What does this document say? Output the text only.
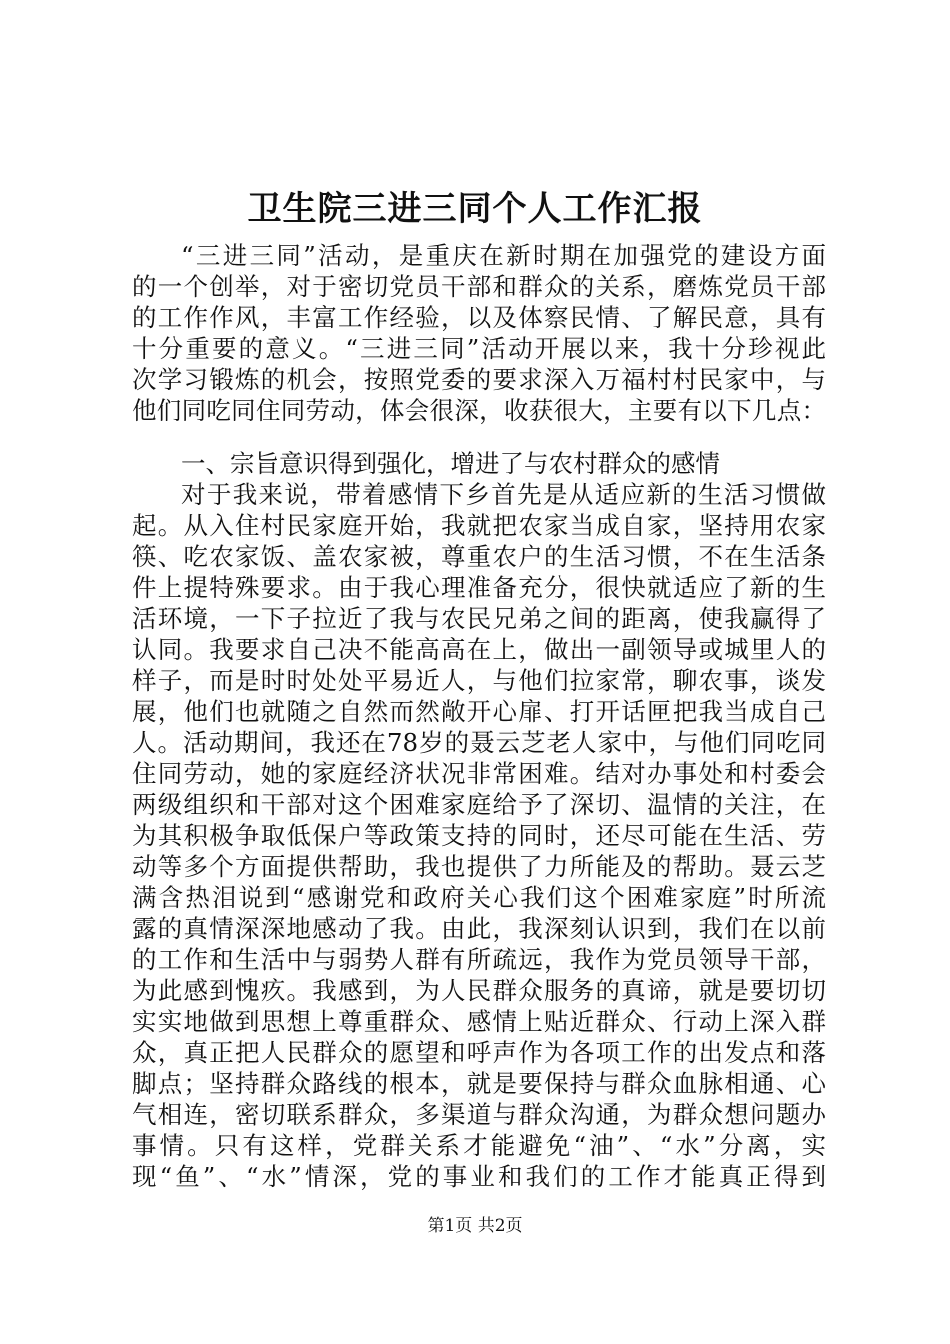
卫生院三进三同个人工作汇报
“三进三同”活动，是重庆在新时期在加强党的建设方面
的一个创举，对于密切党员干部和群众的关系，磨炼党员干部
的工作作风，丰富工作经验，以及体察民情、了解民意，具有
十分重要的意义。“三进三同”活动开展以来，我十分珍视此
次学习锻炼的机会，按照党委的要求深入万福村村民家中，与
他们同吃同住同劳动，体会很深，收获很大，主要有以下几点：
一、宗旨意识得到强化，增进了与农村群众的感情
对于我来说，带着感情下乡首先是从适应新的生活习惯做
起。从入住村民家庭开始，我就把农家当成自家，坚持用农家
筷、吃农家饭、盖农家被，尊重农户的生活习惯，不在生活条
件上提特殊要求。由于我心理准备充分，很快就适应了新的生
活环境，一下子拉近了我与农民兄弟之间的距离，使我赢得了
认同。我要求自己决不能高高在上，做出一副领导或城里人的
样子，而是时时处处平易近人，与他们拉家常，聊农事，谈发
展，他们也就随之自然而然敞开心扉、打开话匣把我当成自己
人。活动期间，我还在78岁的聂云芝老人家中，与他们同吃同
住同劳动，她的家庭经济状况非常困难。结对办事处和村委会
两级组织和干部对这个困难家庭给予了深切、温情的关注，在
为其积极争取低保户等政策支持的同时，还尽可能在生活、劳
动等多个方面提供帮助，我也提供了力所能及的帮助。聂云芝
满含热泪说到“感谢党和政府关心我们这个困难家庭”时所流
露的真情深深地感动了我。由此，我深刻认识到，我们在以前
的工作和生活中与弱势人群有所疏远，我作为党员领导干部，
为此感到愧疚。我感到，为人民群众服务的真谛，就是要切切
实实地做到思想上尊重群众、感情上贴近群众、行动上深入群
众，真正把人民群众的愿望和呼声作为各项工作的出发点和落
脚点；坚持群众路线的根本，就是要保持与群众血脉相通、心
气相连，密切联系群众，多渠道与群众沟通，为群众想问题办
事情。只有这样，党群关系才能避免“油”、“水”分离，实
现“鱼”、“水”情深，党的事业和我们的工作才能真正得到
第1页 共2页
